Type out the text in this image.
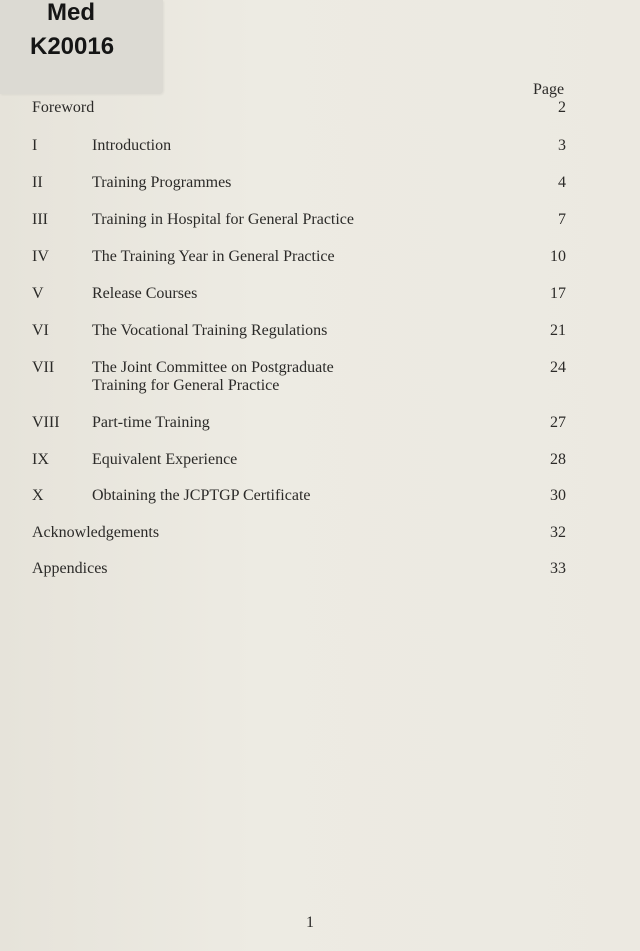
Med
K20016
Page
Foreword	2
I	Introduction	3
II	Training Programmes	4
III	Training in Hospital for General Practice	7
IV	The Training Year in General Practice	10
V	Release Courses	17
VI	The Vocational Training Regulations	21
VII The Joint Committee on Postgraduate	24
Training for General Practice
VIII Part-time Training	27
IX	Equivalent Experience	28
X	Obtaining the JCPTGP Certificate	30
Acknowledgements	32
Appendices	33
1
